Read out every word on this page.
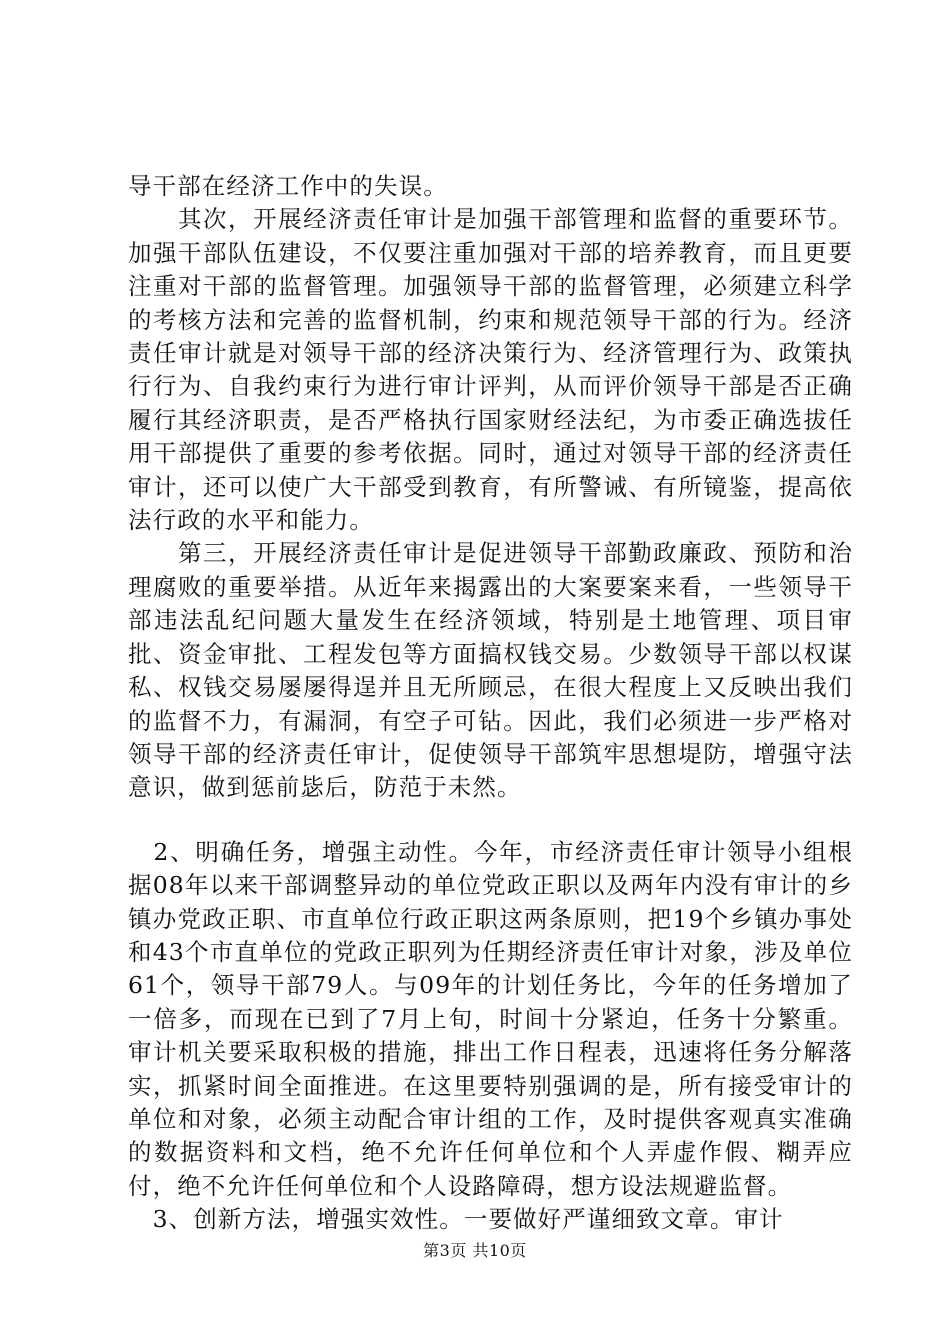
导干部在经济工作中的失误。

　　其次，开展经济责任审计是加强干部管理和监督的重要环节。加强干部队伍建设，不仅要注重加强对干部的培养教育，而且更要注重对干部的监督管理。加强领导干部的监督管理，必须建立科学的考核方法和完善的监督机制，约束和规范领导干部的行为。经济责任审计就是对领导干部的经济决策行为、经济管理行为、政策执行行为、自我约束行为进行审计评判，从而评价领导干部是否正确履行其经济职责，是否严格执行国家财经法纪，为市委正确选拔任用干部提供了重要的参考依据。同时，通过对领导干部的经济责任审计，还可以使广大干部受到教育，有所警诫、有所镜鉴，提高依法行政的水平和能力。

　　第三，开展经济责任审计是促进领导干部勤政廉政、预防和治理腐败的重要举措。从近年来揭露出的大案要案来看，一些领导干部违法乱纪问题大量发生在经济领域，特别是土地管理、项目审批、资金审批、工程发包等方面搞权钱交易。少数领导干部以权谋私、权钱交易屡屡得逞并且无所顾忌，在很大程度上又反映出我们的监督不力，有漏洞，有空子可钻。因此，我们必须进一步严格对领导干部的经济责任审计，促使领导干部筑牢思想堤防，增强守法意识，做到惩前毖后，防范于未然。

　2、明确任务，增强主动性。今年，市经济责任审计领导小组根据08年以来干部调整异动的单位党政正职以及两年内没有审计的乡镇办党政正职、市直单位行政正职这两条原则，把19个乡镇办事处和43个市直单位的党政正职列为任期经济责任审计对象，涉及单位61个，领导干部79人。与09年的计划任务比，今年的任务增加了一倍多，而现在已到了7月上旬，时间十分紧迫，任务十分繁重。审计机关要采取积极的措施，排出工作日程表，迅速将任务分解落实，抓紧时间全面推进。在这里要特别强调的是，所有接受审计的单位和对象，必须主动配合审计组的工作，及时提供客观真实准确的数据资料和文档，绝不允许任何单位和个人弄虚作假、糊弄应付，绝不允许任何单位和个人设路障碍，想方设法规避监督。

　3、创新方法，增强实效性。一要做好严谨细致文章。审计

第3页 共10页
